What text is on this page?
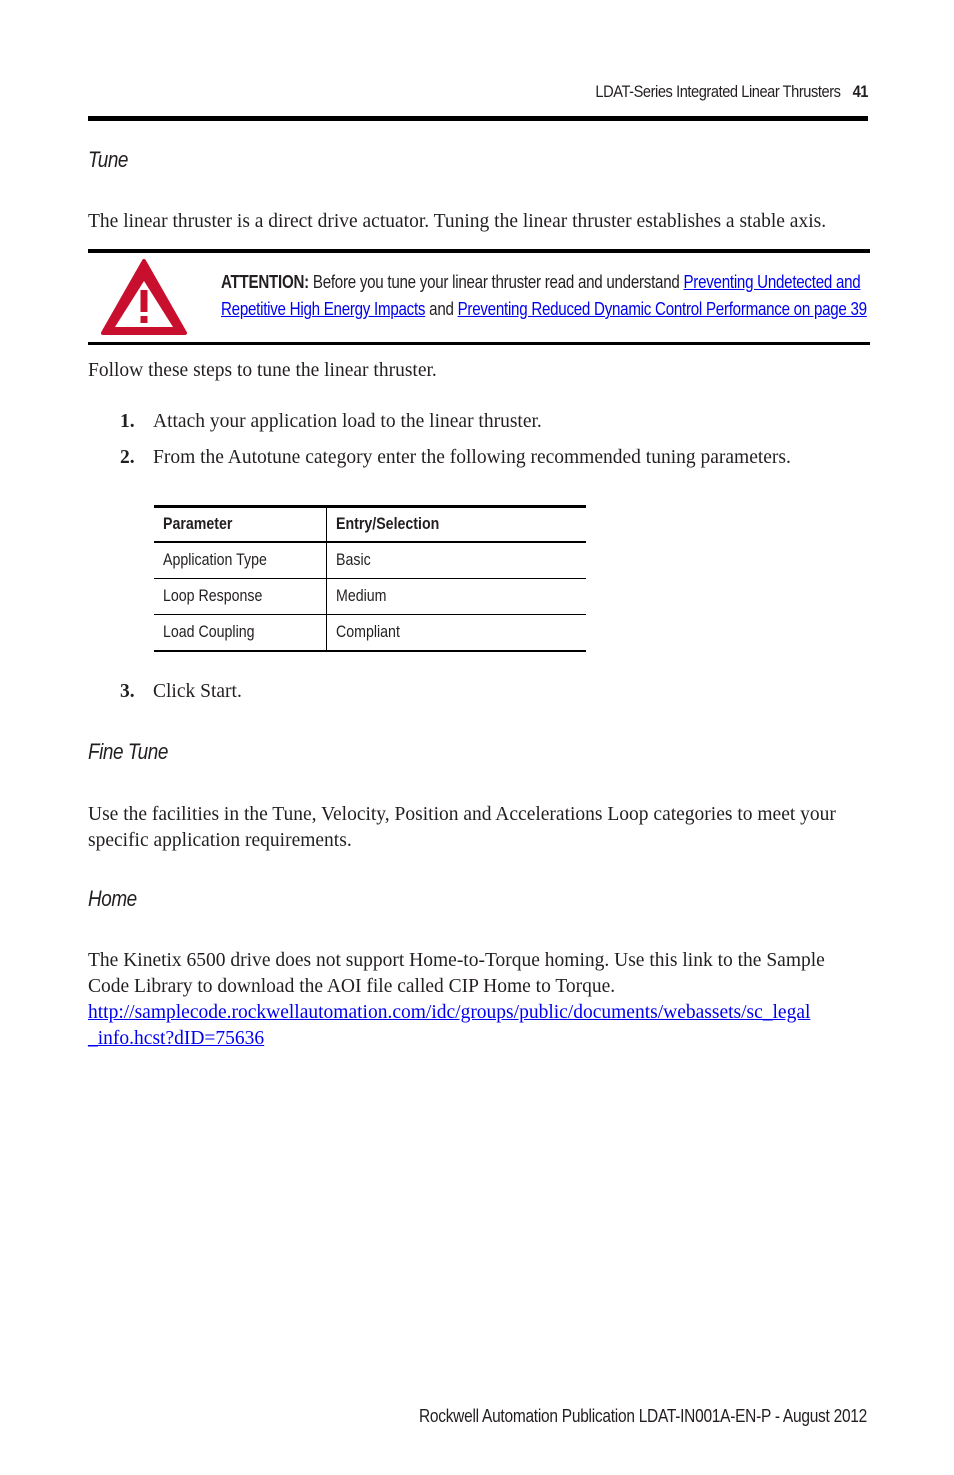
LDAT-Series Integrated Linear Thrusters 41
Tune
The linear thruster is a direct drive actuator. Tuning the linear thruster establishes a stable axis.
ATTENTION: Before you tune your linear thruster read and understand Preventing Undetected and Repetitive High Energy Impacts and Preventing Reduced Dynamic Control Performance on page 39
Follow these steps to tune the linear thruster.
1. Attach your application load to the linear thruster.
2. From the Autotune category enter the following recommended tuning parameters.
Parameter	Entry/Selection
Application Type	Basic
Loop Response	Medium
Load Coupling	Compliant
3. Click Start.
Fine Tune
Use the facilities in the Tune, Velocity, Position and Accelerations Loop categories to meet your specific application requirements.
Home
The Kinetix 6500 drive does not support Home-to-Torque homing. Use this link to the Sample Code Library to download the AOI file called CIP Home to Torque.
http://samplecode.rockwellautomation.com/idc/groups/public/documents/webassets/sc_legal
_info.hcst?dID=75636
Rockwell Automation Publication LDAT-IN001A-EN-P - August 2012
